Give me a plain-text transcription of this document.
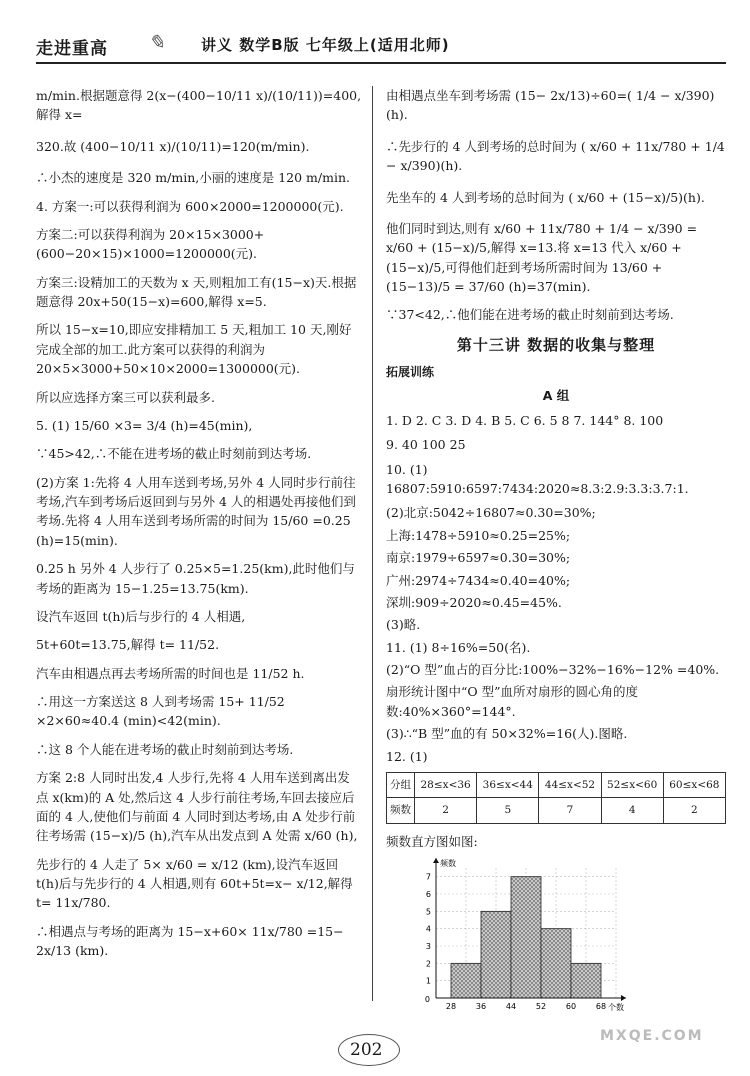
走进重高 ✎ 讲义 数学B版 七年级上(适用北师)

m/min.根据题意得 2(x−(400−10/11 x)/(10/11))=400,解得 x=

320.故 (400−10/11 x)/(10/11)=120(m/min).

∴小杰的速度是 320 m/min,小丽的速度是 120 m/min.

4. 方案一:可以获得利润为 600×2000=1200000(元).

方案二:可以获得利润为 20×15×3000+(600−20×15)×1000=1200000(元).

方案三:设精加工的天数为 x 天,则粗加工有(15−x)天.根据题意得 20x+50(15−x)=600,解得 x=5.

所以 15−x=10,即应安排精加工 5 天,粗加工 10 天,刚好完成全部的加工.此方案可以获得的利润为 20×5×3000+50×10×2000=1300000(元).

所以应选择方案三可以获利最多.

5. (1) 15/60 ×3= 3/4 (h)=45(min),

∵45>42,∴不能在进考场的截止时刻前到达考场.

(2)方案 1:先将 4 人用车送到考场,另外 4 人同时步行前往考场,汽车到考场后返回到与另外 4 人的相遇处再接他们到考场.先将 4 人用车送到考场所需的时间为 15/60 =0.25 (h)=15(min).

0.25 h 另外 4 人步行了 0.25×5=1.25(km),此时他们与考场的距离为 15−1.25=13.75(km).

设汽车返回 t(h)后与步行的 4 人相遇,

5t+60t=13.75,解得 t= 11/52.

汽车由相遇点再去考场所需的时间也是 11/52 h.

∴用这一方案送这 8 人到考场需 15+ 11/52 ×2×60≈40.4 (min)<42(min).

∴这 8 个人能在进考场的截止时刻前到达考场.

方案 2:8 人同时出发,4 人步行,先将 4 人用车送到离出发点 x(km)的 A 处,然后这 4 人步行前往考场,车回去接应后面的 4 人,使他们与前面 4 人同时到达考场,由 A 处步行前往考场需 (15−x)/5 (h),汽车从出发点到 A 处需 x/60 (h),

先步行的 4 人走了 5× x/60 = x/12 (km),设汽车返回 t(h)后与先步行的 4 人相遇,则有 60t+5t=x− x/12,解得 t= 11x/780.

∴相遇点与考场的距离为 15−x+60× 11x/780 =15− 2x/13 (km).

由相遇点坐车到考场需 (15− 2x/13)÷60=( 1/4 − x/390)(h).

∴先步行的 4 人到考场的总时间为 ( x/60 + 11x/780 + 1/4 − x/390)(h).

先坐车的 4 人到考场的总时间为 ( x/60 + (15−x)/5)(h).

他们同时到达,则有 x/60 + 11x/780 + 1/4 − x/390 = x/60 + (15−x)/5,解得 x=13.将 x=13 代入 x/60 + (15−x)/5,可得他们赶到考场所需时间为 13/60 + (15−13)/5 = 37/60 (h)=37(min).

∵37<42,∴他们能在进考场的截止时刻前到达考场.

第十三讲 数据的收集与整理
拓展训练
A 组

1. D 2. C 3. D 4. B 5. C 6. 5 8 7. 144° 8. 100

9. 40 100 25

10. (1) 16807:5910:6597:7434:2020≈8.3:2.9:3.3:3.7:1.

(2)北京:5042÷16807≈0.30=30%;

上海:1478÷5910≈0.25=25%;

南京:1979÷6597≈0.30=30%;

广州:2974÷7434≈0.40=40%;

深圳:909÷2020≈0.45=45%.

(3)略.

11. (1) 8÷16%=50(名).

(2)“O 型”血占的百分比:100%−32%−16%−12% =40%.

扇形统计图中“O 型”血所对扇形的圆心角的度数:40%×360°=144°.

(3)∴“B 型”血的有 50×32%=16(人).图略.

12. (1)

分组	28≤x<36	36≤x<44	44≤x<52	52≤x<60	60≤x<68
频数	2	5	7	4	2

频数直方图如图:

1
2
3
4
5
6
7
28 36 44 52 60 68
0
频数
个数
202
MXQE.COM
